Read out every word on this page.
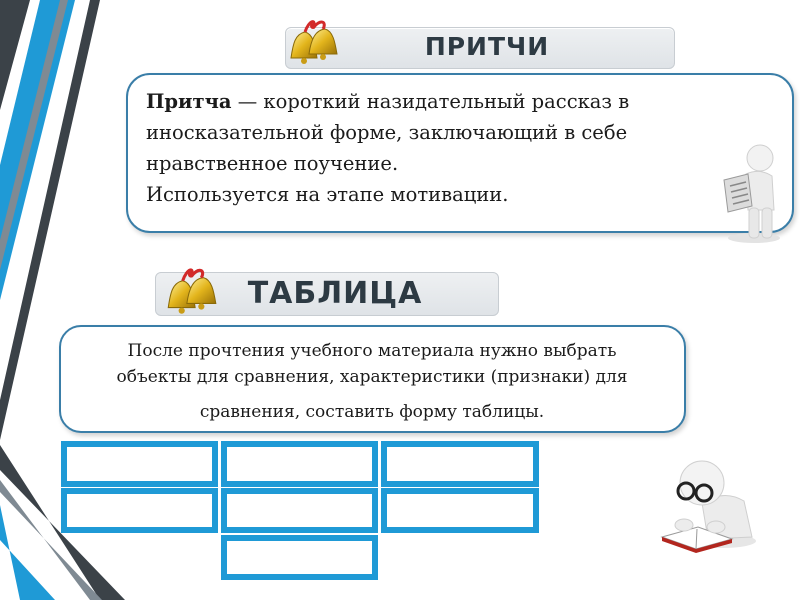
ПРИТЧИ

Притча — короткий назидательный рассказ в иносказательной форме, заключающий в себе нравственное поучение.

Используется на этапе мотивации.

ТАБЛИЦА
После прочтения учебного материала нужно выбрать
объекты для сравнения, характеристики (признаки) для
сравнения, составить форму таблицы.
